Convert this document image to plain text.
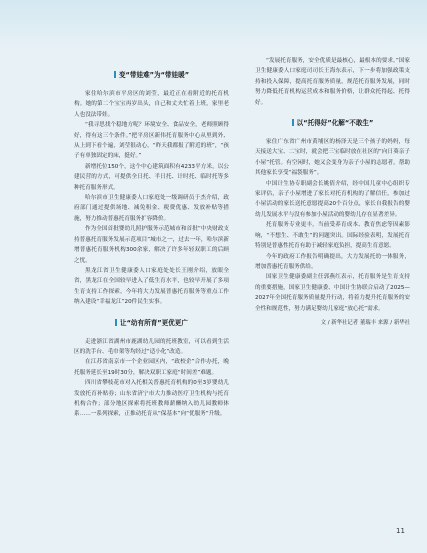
变“带娃难”为“带娃暖”

家住哈尔滨市平房区的刘莹，最近正在看附近的托育机构。她的第二个宝宝再岁出头，自己和丈夫忙着上班，家里老人也没法带娃。

“我寻思找个稳地方呢？环境安全、食品安全，老师照顾得好，得有这三个条件。”把平房区新伟托育服务中心从里到外、从上到下看个遍，刘莹很动心，“昨天我都报了附近的班”，“孩子有单独固定的床，挺好。”

新增托位150个，这个中心建筑面积有4233平方米，以公建民营的方式，可提供全日托、半日托、计时托、临时托等多种托育服务形式。

哈尔滨市卫生健康委人口家庭处一级调研员于杰介绍，政府部门通过提供场地、减免租金、税费优惠、发放补贴等措施，努力推动普惠托育服务扩容降价。

作为全国首批婴幼儿照护服务示范城市和首批“中央财政支持普惠托育服务发展示范项目”城市之一，过去一年，哈尔滨新增普惠托育服务机构300余家，解决了许多年轻双职工的后顾之忧。

黑龙江省卫生健康委人口家庭处处长王刚介绍，放眼全省，黑龙江在全国较早进入了低生育水平，也较早开展了多项生育支持工作探索。今年将大力发展普惠托育服务等重点工作纳入建设“幸福龙江”20件民生实事。

让“幼有所育”更优更广

走进浙江省湖州市鹿湖幼儿园的托班教室，可以看到生活区的洗手台、毛巾架等均经过“适小化”改造。

在江苏省南京市一个企业园区内，“政校企”合作办托，晚托服务延长至19时30分，解决双职工家庭“时间差”难题。

四川省攀枝花市对入托相关普惠托育机构的0至3岁婴幼儿发放托育补贴券；山东省济宁市大力推动医疗卫生机构与托育机构合作；部分地区探索将托班教师薪酬纳入幼儿园教师体系……一系列探索，正推动托育从“保基本”向“优服务”升级。

“发展托育服务，安全优质是最核心，最根本的要求。”国家卫生健康委人口家庭司司长王海东表示，下一步将加强政策支持和投入保障，提高托育服务质量，规范托育服务发展，同时努力降低托育机构运营成本和服务价格，让群众托得起、托得好。

以“托得好”化解“不敢生”

家住广东省广州市黄埔区的杨泽天是三个孩子的妈妈，每天接送大宝、二宝时，就会把三宝临时放在社区的“向日葵亲子小屋”托管。有空闲时，她又会变身为亲子小屋的志愿者，帮助其他家长享受“福袋服务”。

中国计生协专职副会长姚倩介绍，经中国儿童中心组织专家评估，亲子小屋增进了家长对托育机构的了解信任，参加过小屋活动的家长送托意愿提高20个百分点，家长自我报告的婴幼儿发展水平与没有参加小屋活动的婴幼儿存在显著差异。

托育服务专业更丰，当前受养育成本、教育焦虑等因素影响，“不想生、不敢生”的问题突出。国际经验表明，发展托育特别是普惠性托育有助于减轻家庭负担，提高生育意愿。

今年的政府工作报告明确提出，大力发展托幼一体服务，增加普惠托育服务供给。

国家卫生健康委副主任郭燕红表示，托育服务是生育支持的重要措施，国家卫生健康委、中国计生协联合启动了2025—2027年全国托育服务质量提升行动，将着力提升托育服务的安全性和规范性，努力满足婴幼儿家庭“放心托”需求。

文 / 新华社记者 董瑞丰 来源 / 新华社

11
